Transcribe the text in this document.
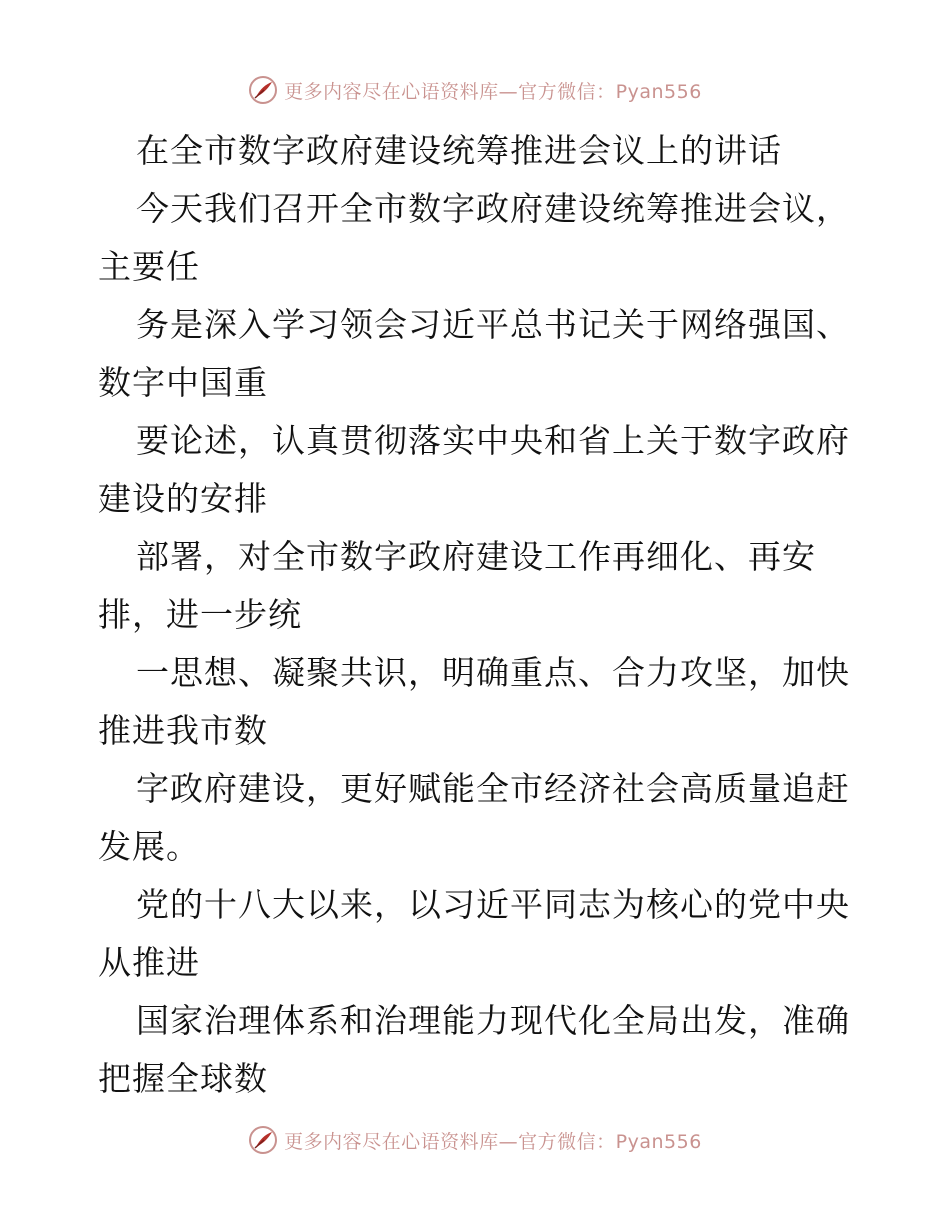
更多内容尽在心语资料库—官方微信：Pyan556
在全市数字政府建设统筹推进会议上的讲话
今天我们召开全市数字政府建设统筹推进会议，
主要任
务是深入学习领会习近平总书记关于网络强国、
数字中国重
要论述，认真贯彻落实中央和省上关于数字政府
建设的安排
部署，对全市数字政府建设工作再细化、再安
排，进一步统
一思想、凝聚共识，明确重点、合力攻坚，加快
推进我市数
字政府建设，更好赋能全市经济社会高质量追赶
发展。
党的十八大以来，以习近平同志为核心的党中央
从推进
国家治理体系和治理能力现代化全局出发，准确
把握全球数
更多内容尽在心语资料库—官方微信：Pyan556
